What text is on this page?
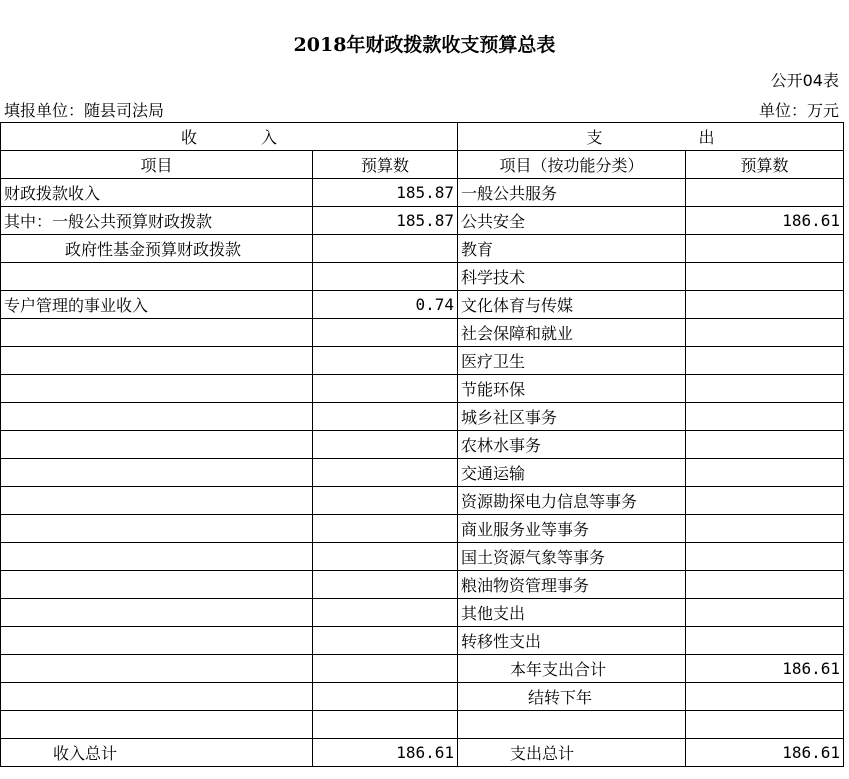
2018年财政拨款收支预算总表
公开04表
填报单位：随县司法局	单位：万元
收　　　　入		支　　　　　　出	
项目	预算数	项目（按功能分类）	预算数
财政拨款收入	185.87	一般公共服务	
其中：一般公共预算财政拨款	185.87	公共安全	186.61
政府性基金预算财政拨款		教育	
		科学技术	
专户管理的事业收入	0.74	文化体育与传媒	
		社会保障和就业	
		医疗卫生	
		节能环保	
		城乡社区事务	
		农林水事务	
		交通运输	
		资源勘探电力信息等事务	
		商业服务业等事务	
		国土资源气象等事务	
		粮油物资管理事务	
		其他支出	
		转移性支出	
		本年支出合计	186.61
		结转下年	

收入总计	186.61	支出总计	186.61
